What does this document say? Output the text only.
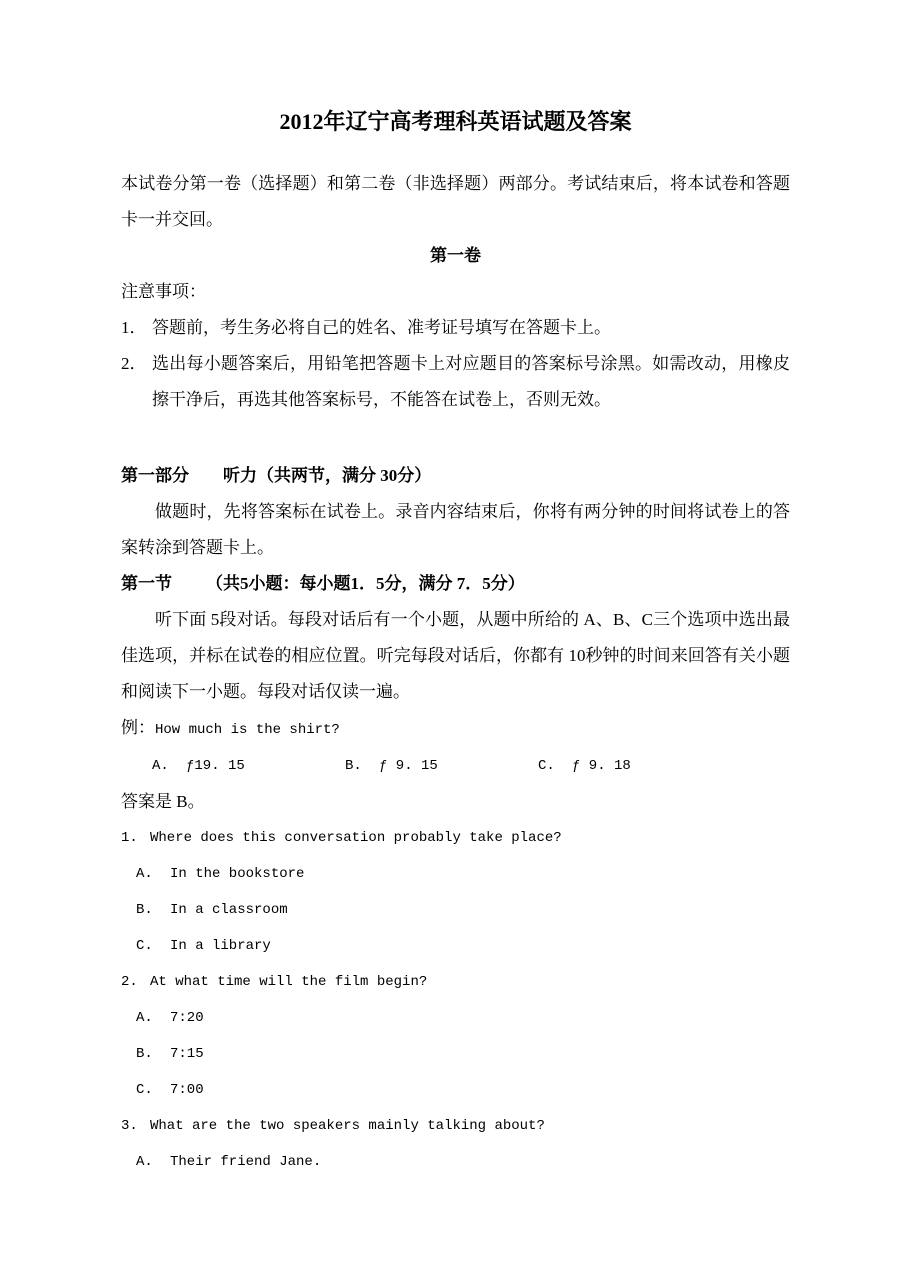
2012年辽宁高考理科英语试题及答案

本试卷分第一卷（选择题）和第二卷（非选择题）两部分。考试结束后，将本试卷和答题卡一并交回。

第一卷

注意事项：

1． 答题前，考生务必将自己的姓名、准考证号填写在答题卡上。
2． 选出每小题答案后，用铅笔把答题卡上对应题目的答案标号涂黑。如需改动，用橡皮擦干净后，再选其他答案标号，不能答在试卷上，否则无效。
第一部分 听力（共两节，满分 30分）

做题时，先将答案标在试卷上。录音内容结束后，你将有两分钟的时间将试卷上的答案转涂到答题卡上。

第一节 （共5小题：每小题1．5分，满分 7．5分）

听下面 5段对话。每段对话后有一个小题，从题中所给的 A、B、C三个选项中选出最佳选项，并标在试卷的相应位置。听完每段对话后，你都有 10秒钟的时间来回答有关小题和阅读下一小题。每段对话仅读一遍。

例：How much is the shirt?
A. ƒ19. 15	B. ƒ 9. 15	C. ƒ 9. 18

答案是 B。

1. Where does this conversation probably take place?
A. In the bookstore
B. In a classroom
C. In a library
2. At what time will the film begin?
A. 7:20
B. 7:15
C. 7:00
3. What are the two speakers mainly talking about?
A. Their friend Jane.
